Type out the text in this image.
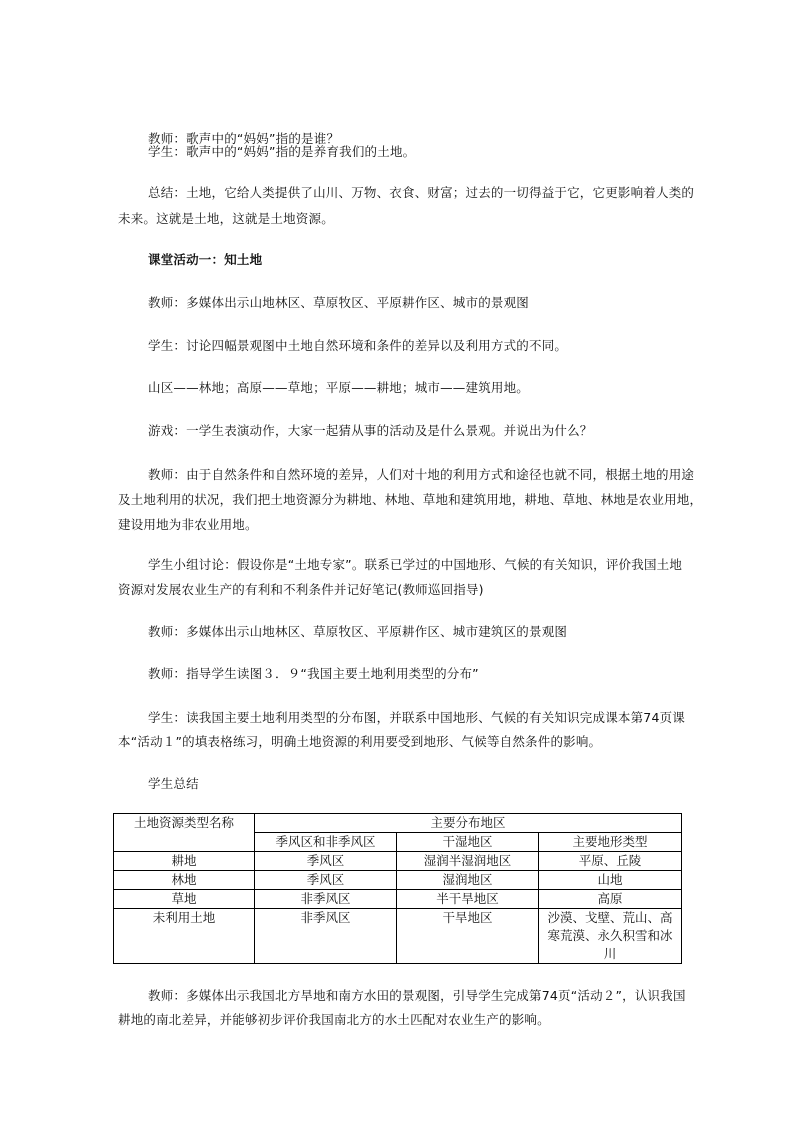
教师：歌声中的“妈妈”指的是谁？

学生：歌声中的“妈妈”指的是养育我们的土地。

总结：土地，它给人类提供了山川、万物、衣食、财富；过去的一切得益于它，它更影响着人类的

未来。这就是土地，这就是土地资源。

课堂活动一：知土地

教师：多媒体出示山地林区、草原牧区、平原耕作区、城市的景观图

学生：讨论四幅景观图中土地自然环境和条件的差异以及利用方式的不同。

山区——林地；高原——草地；平原——耕地；城市——建筑用地。

游戏：一学生表演动作，大家一起猜从事的活动及是什么景观。并说出为什么？

教师：由于自然条件和自然环境的差异，人们对十地的利用方式和途径也就不同，根据土地的用途

及土地利用的状况，我们把土地资源分为耕地、林地、草地和建筑用地，耕地、草地、林地是农业用地，

建设用地为非农业用地。

学生小组讨论：假设你是“土地专家”。联系已学过的中国地形、气候的有关知识，评价我国土地

资源对发展农业生产的有利和不利条件并记好笔记(教师巡回指导)

教师：多媒体出示山地林区、草原牧区、平原耕作区、城市建筑区的景观图

教师：指导学生读图３．９“我国主要土地利用类型的分布”

学生：读我国主要土地利用类型的分布图，并联系中国地形、气候的有关知识完成课本第74页课

本“活动１”的填表格练习，明确土地资源的利用要受到地形、气候等自然条件的影响。

学生总结

土地资源类型名称	主要分布地区		
	季风区和非季风区	干湿地区	主要地形类型
耕地	季风区	湿润半湿润地区	平原、丘陵
林地	季风区	湿润地区	山地
草地	非季风区	半干旱地区	高原
未利用土地	非季风区	干旱地区	沙漠、戈壁、荒山、高
寒荒漠、永久积雪和冰
川

教师：多媒体出示我国北方旱地和南方水田的景观图，引导学生完成第74页“活动２”，认识我国

耕地的南北差异，并能够初步评价我国南北方的水土匹配对农业生产的影响。
